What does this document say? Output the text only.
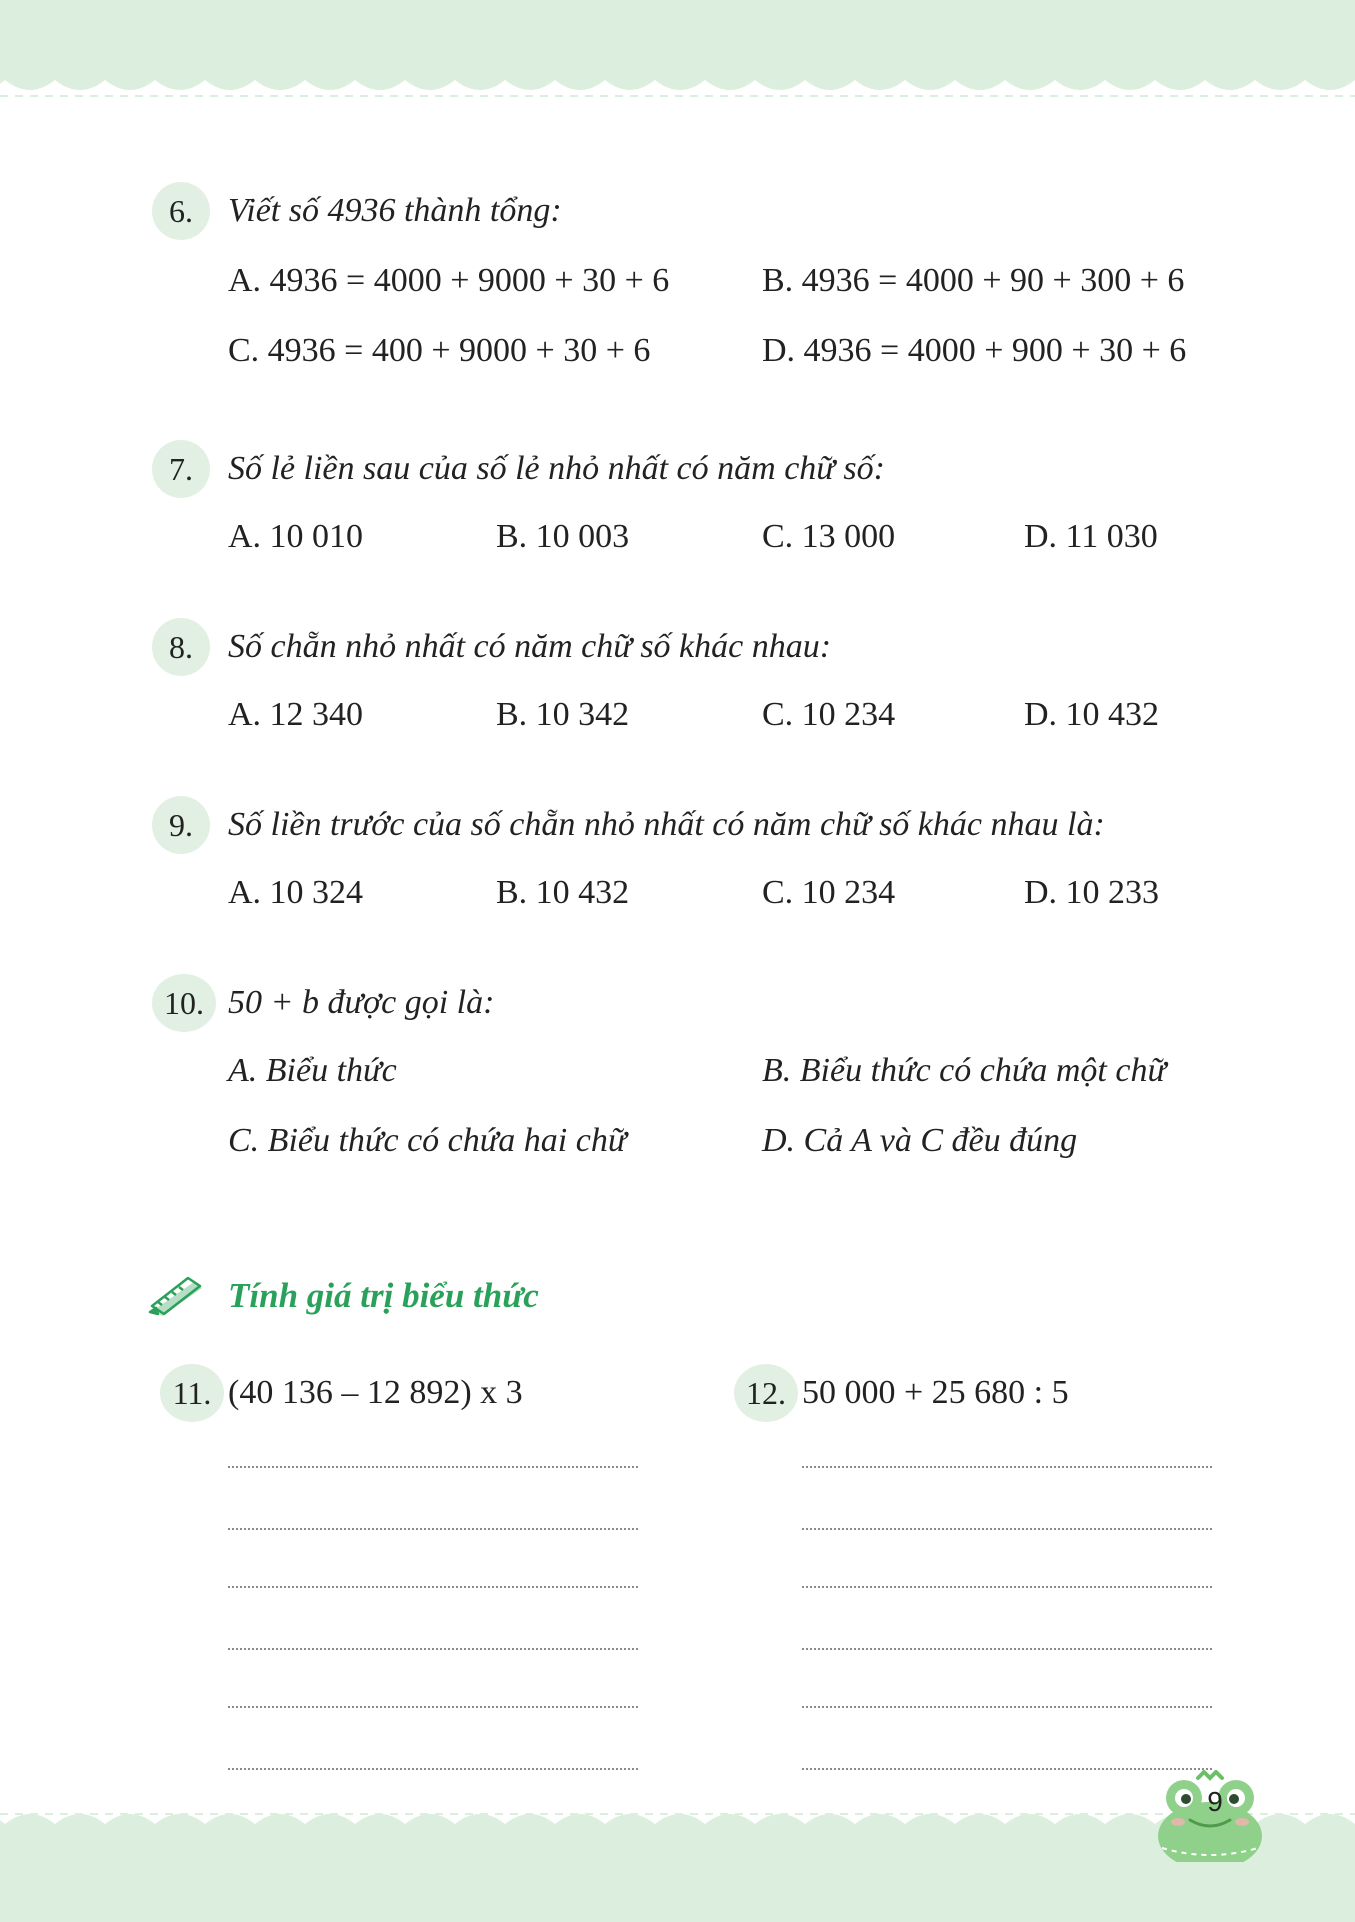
6.	Viết số 4936 thành tổng:
A. 4936 = 4000 + 9000 + 30 + 6	B. 4936 = 4000 + 90 + 300 + 6
C. 4936 = 400 + 9000 + 30 + 6	D. 4936 = 4000 + 900 + 30 + 6
7.	Số lẻ liền sau của số lẻ nhỏ nhất có năm chữ số:
A. 10 010	B. 10 003	C. 13 000	D. 11 030
8.	Số chẵn nhỏ nhất có năm chữ số khác nhau:
A. 12 340	B. 10 342	C. 10 234	D. 10 432
9.	Số liền trước của số chẵn nhỏ nhất có năm chữ số khác nhau là:
A. 10 324	B. 10 432	C. 10 234	D. 10 233
10. 50 + b được gọi là:
A. Biểu thức	B. Biểu thức có chứa một chữ
C. Biểu thức có chứa hai chữ	D. Cả A và C đều đúng
Tính giá trị biểu thức
11. (40 136 – 12 892) x 3	12. 50 000 + 25 680 : 5
9
